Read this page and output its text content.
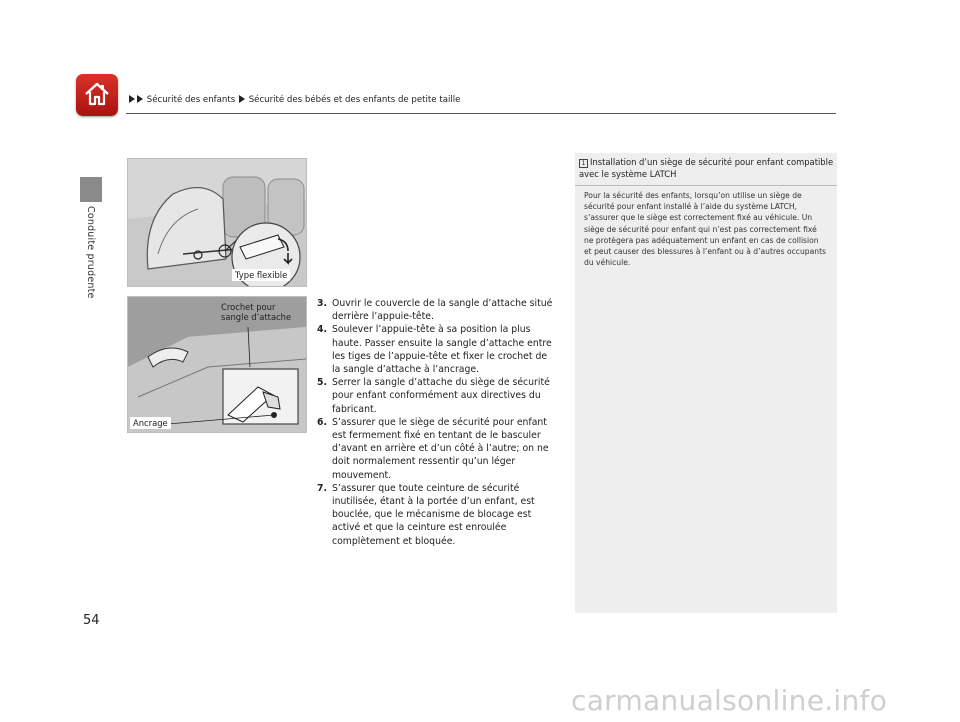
Sécurité des enfants Sécurité des bébés et des enfants de petite taille
Conduite prudente	Type flexible
Crochet pour sangle d’attache
Ancrage

3. Ouvrir le couvercle de la sangle d’attache situé derrière l’appuie-tête.

4. Soulever l’appuie-tête à sa position la plus haute. Passer ensuite la sangle d’attache entre les tiges de l’appuie-tête et fixer le crochet de la sangle d’attache à l’ancrage.

5. Serrer la sangle d’attache du siège de sécurité pour enfant conformément aux directives du fabricant.

6. S’assurer que le siège de sécurité pour enfant est fermement fixé en tentant de le basculer d’avant en arrière et d’un côté à l’autre; on ne doit normalement ressentir qu’un léger mouvement.

7. S’assurer que toute ceinture de sécurité inutilisée, étant à la portée d’un enfant, est bouclée, que le mécanisme de blocage est activé et que la ceinture est enroulée complètement et bloquée.

1 Installation d’un siège de sécurité pour enfant compatible avec le système LATCH
Pour la sécurité des enfants, lorsqu’on utilise un siège de sécurité pour enfant installé à l’aide du système LATCH, s’assurer que le siège est correctement fixé au véhicule. Un siège de sécurité pour enfant qui n’est pas correctement fixé ne protègera pas adéquatement un enfant en cas de collision et peut causer des blessures à l’enfant ou à d’autres occupants du véhicule.
54
carmanualsonline.info
